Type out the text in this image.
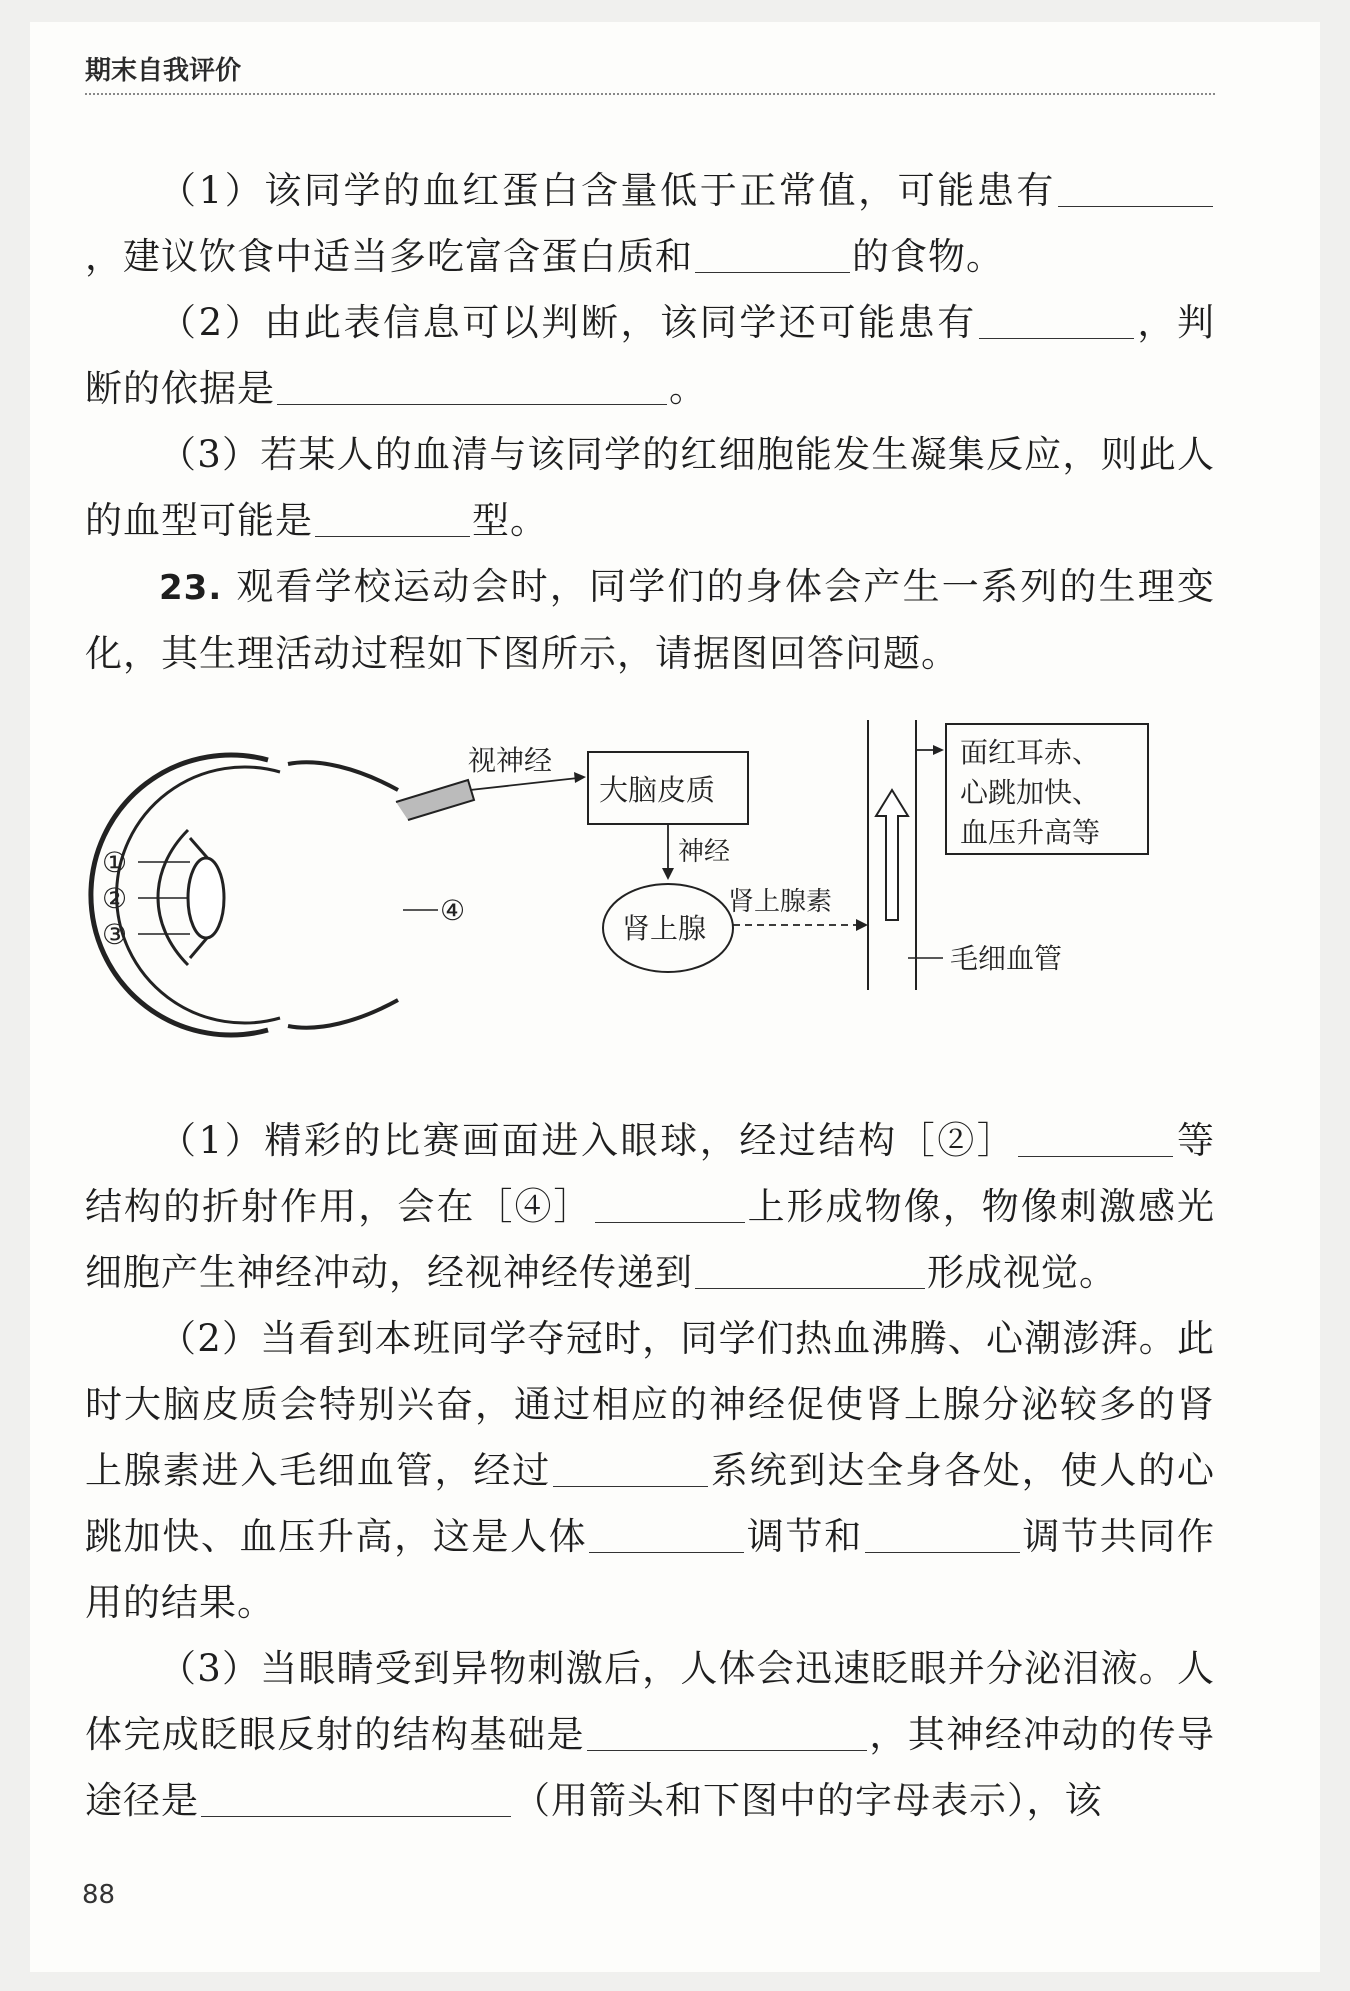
期末自我评价

（1）该同学的血红蛋白含量低于正常值，可能患有，建议饮食中适当多吃富含蛋白质和	的食物。

（2）由此表信息可以判断，该同学还可能患有	，判断的依据是	。

（3）若某人的血清与该同学的红细胞能发生凝集反应，则此人的血型可能是	型。

23. 观看学校运动会时，同学们的身体会产生一系列的生理变化，其生理活动过程如下图所示，请据图回答问题。

①
②
③
④
视神经
大脑皮质
神经
肾上腺
肾上腺素
毛细血管
面红耳赤、
心跳加快、
血压升高等

（1）精彩的比赛画面进入眼球，经过结构［②］	等结构的折射作用，会在［④］	上形成物像，物像刺激感光细胞产生神经冲动，经视神经传递到	形成视觉。

（2）当看到本班同学夺冠时，同学们热血沸腾、心潮澎湃。此时大脑皮质会特别兴奋，通过相应的神经促使肾上腺分泌较多的肾上腺素进入毛细血管，经过	系统到达全身各处，使人的心跳加快、血压升高，这是人体	调节和	调节共同作用的结果。

（3）当眼睛受到异物刺激后，人体会迅速眨眼并分泌泪液。人体完成眨眼反射的结构基础是	，其神经冲动的传导途径是	（用箭头和下图中的字母表示），该

88
